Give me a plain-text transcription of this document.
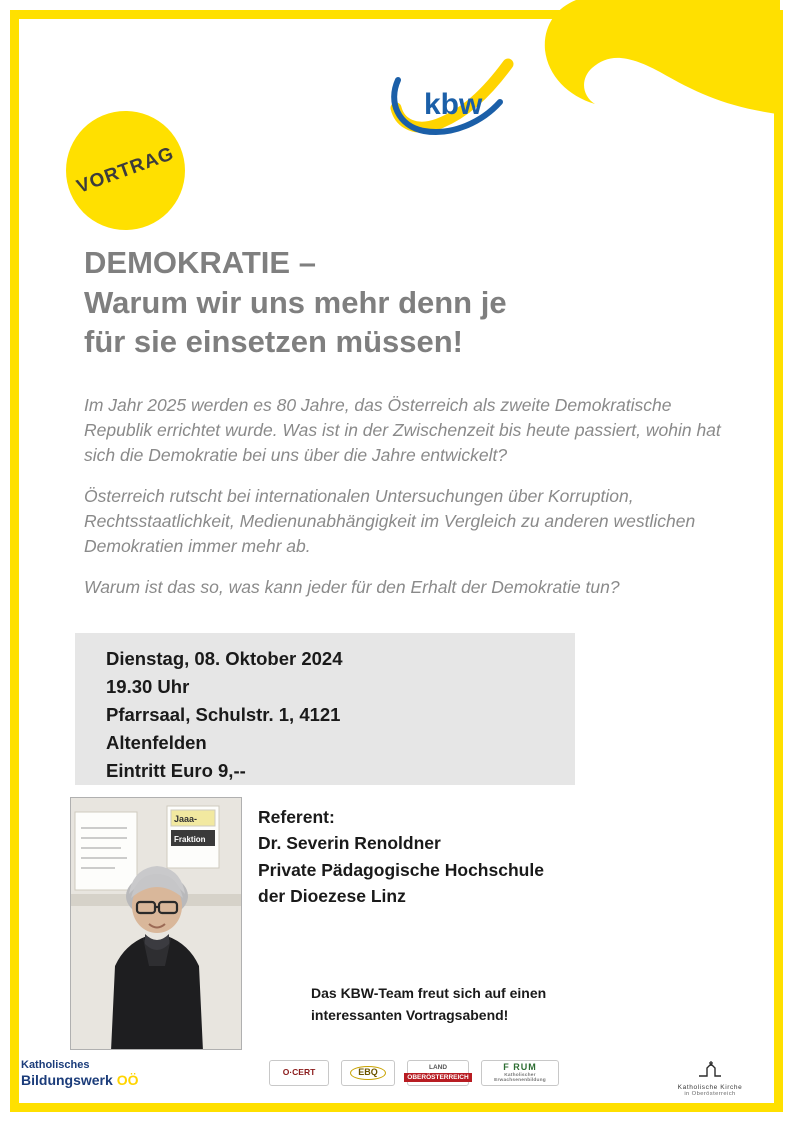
kbw
VORTRAG
DEMOKRATIE –
Warum wir uns mehr denn je
für sie einsetzen müssen!

Im Jahr 2025 werden es 80 Jahre, das Österreich als zweite Demokratische Republik errichtet wurde. Was ist in der Zwischenzeit bis heute passiert, wohin hat sich die Demokratie bei uns über die Jahre entwickelt?

Österreich rutscht bei internationalen Untersuchungen über Korruption, Rechtsstaatlichkeit, Medienunabhängigkeit im Vergleich zu anderen westlichen Demokratien immer mehr ab.

Warum ist das so, was kann jeder für den Erhalt der Demokratie tun?

Dienstag, 08. Oktober 2024
19.30 Uhr
Pfarrsaal, Schulstr. 1, 4121
Altenfelden
Eintritt Euro 9,--
Jaaa-
Fraktion
Referent:
Dr. Severin Renoldner
Private Pädagogische Hochschule
der Dioezese Linz
Das KBW-Team freut sich auf einen
interessanten Vortragsabend!
Katholisches
Bildungswerk OÖ	O·CERT	EBQ	LAND
OBERÖSTERREICH
F RUM
Katholischer Erwachsenenbildung
Katholische Kirche
in Oberösterreich
